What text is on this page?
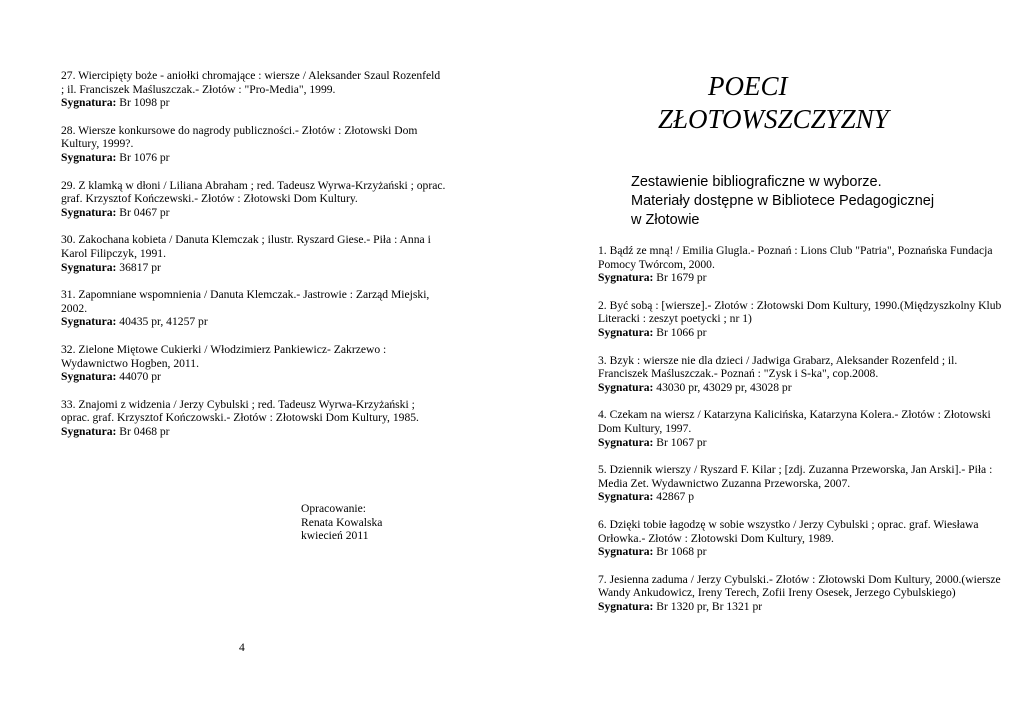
27. Wiercipięty boże - aniołki chromające : wiersze / Aleksander Szaul Rozenfeld ; il. Franciszek Maśluszczak.- Złotów : "Pro-Media", 1999.
Sygnatura: Br 1098 pr
28. Wiersze konkursowe do nagrody publiczności.- Złotów : Złotowski Dom Kultury, 1999?.
Sygnatura: Br 1076 pr
29. Z klamką w dłoni / Liliana Abraham ; red. Tadeusz Wyrwa-Krzyżański ; oprac. graf. Krzysztof Kończewski.- Złotów : Złotowski Dom Kultury.
Sygnatura: Br 0467 pr
30. Zakochana kobieta / Danuta Klemczak ; ilustr. Ryszard Giese.- Piła : Anna i Karol Filipczyk, 1991.
Sygnatura: 36817 pr
31. Zapomniane wspomnienia / Danuta Klemczak.- Jastrowie : Zarząd Miejski, 2002.
Sygnatura: 40435 pr, 41257 pr
32. Zielone Miętowe Cukierki / Włodzimierz Pankiewicz- Zakrzewo : Wydawnictwo Hogben, 2011.
Sygnatura: 44070 pr
33. Znajomi z widzenia / Jerzy Cybulski ; red. Tadeusz Wyrwa-Krzyżański ; oprac. graf. Krzysztof Kończowski.- Złotów : Złotowski Dom Kultury, 1985.
Sygnatura: Br 0468 pr
Opracowanie:
Renata Kowalska
kwiecień 2011
4
POECI
ZŁOTOWSZCZYZNY
Zestawienie bibliograficzne w wyborze.
Materiały dostępne w Bibliotece Pedagogicznej
w Złotowie
1. Bądź ze mną! / Emilia Glugla.- Poznań : Lions Club "Patria", Poznańska Fundacja Pomocy Twórcom, 2000.
Sygnatura: Br 1679 pr
2. Być sobą : [wiersze].- Złotów : Złotowski Dom Kultury, 1990.(Międzyszkolny Klub Literacki : zeszyt poetycki ; nr 1)
Sygnatura: Br 1066 pr
3. Bzyk : wiersze nie dla dzieci / Jadwiga Grabarz, Aleksander Rozenfeld ; il. Franciszek Maśluszczak.- Poznań : "Zysk i S-ka", cop.2008.
Sygnatura: 43030 pr, 43029 pr, 43028 pr
4. Czekam na wiersz / Katarzyna Kalicińska, Katarzyna Kolera.- Złotów : Złotowski Dom Kultury, 1997.
Sygnatura: Br 1067 pr
5. Dziennik wierszy / Ryszard F. Kilar ; [zdj. Zuzanna Przeworska, Jan Arski].- Piła : Media Zet. Wydawnictwo Zuzanna Przeworska, 2007.
Sygnatura: 42867 p
6. Dzięki tobie łagodzę w sobie wszystko / Jerzy Cybulski ; oprac. graf. Wiesława Orłowka.- Złotów : Złotowski Dom Kultury, 1989.
Sygnatura: Br 1068 pr
7. Jesienna zaduma / Jerzy Cybulski.- Złotów : Złotowski Dom Kultury, 2000.(wiersze Wandy Ankudowicz, Ireny Terech, Zofii Ireny Osesek, Jerzego Cybulskiego)
Sygnatura: Br 1320 pr, Br 1321 pr
